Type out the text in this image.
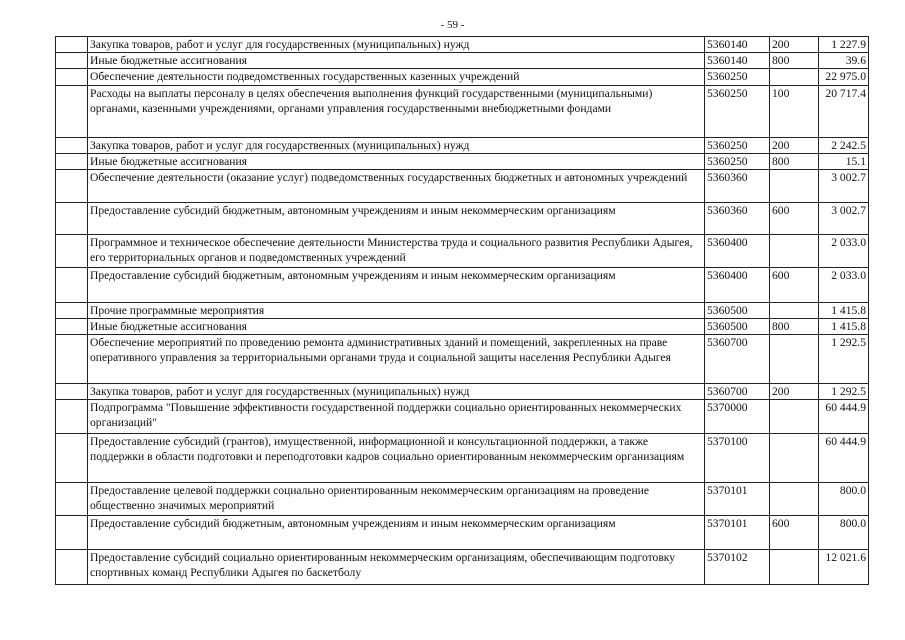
- 59 -
	Закупка товаров, работ и услуг для государственных (муниципальных) нужд	5360140	200	1 227.9
	Иные бюджетные ассигнования	5360140	800	39.6
	Обеспечение деятельности подведомственных государственных казенных учреждений	5360250		22 975.0
	Расходы на выплаты персоналу в целях обеспечения выполнения функций государственными (муниципальными) органами, казенными учреждениями, органами управления государственными внебюджетными фондами	5360250	100	20 717.4
	Закупка товаров, работ и услуг для государственных (муниципальных) нужд	5360250	200	2 242.5
	Иные бюджетные ассигнования	5360250	800	15.1
	Обеспечение деятельности (оказание услуг) подведомственных государственных бюджетных и автономных учреждений	5360360		3 002.7
	Предоставление субсидий бюджетным, автономным учреждениям и иным некоммерческим организациям	5360360	600	3 002.7
	Программное и техническое обеспечение деятельности Министерства труда и социального развития Республики Адыгея, его территориальных органов и подведомственных учреждений	5360400		2 033.0
	Предоставление субсидий бюджетным, автономным учреждениям и иным некоммерческим организациям	5360400	600	2 033.0
	Прочие программные мероприятия	5360500		1 415.8
	Иные бюджетные ассигнования	5360500	800	1 415.8
	Обеспечение мероприятий по проведению ремонта административных зданий и помещений, закрепленных на праве оперативного управления за территориальными органами труда и социальной защиты населения Республики Адыгея	5360700		1 292.5
	Закупка товаров, работ и услуг для государственных (муниципальных) нужд	5360700	200	1 292.5
	Подпрограмма "Повышение эффективности государственной поддержки социально ориентированных некоммерческих организаций"	5370000		60 444.9
	Предоставление субсидий (грантов), имущественной, информационной и консультационной поддержки, а также поддержки в области подготовки и переподготовки кадров социально ориентированным некоммерческим организациям	5370100		60 444.9
	Предоставление целевой поддержки социально ориентированным некоммерческим организациям на проведение общественно значимых мероприятий	5370101		800.0
	Предоставление субсидий бюджетным, автономным учреждениям и иным некоммерческим организациям	5370101	600	800.0
	Предоставление субсидий социально ориентированным некоммерческим организациям, обеспечивающим подготовку спортивных команд Республики Адыгея по баскетболу	5370102		12 021.6
